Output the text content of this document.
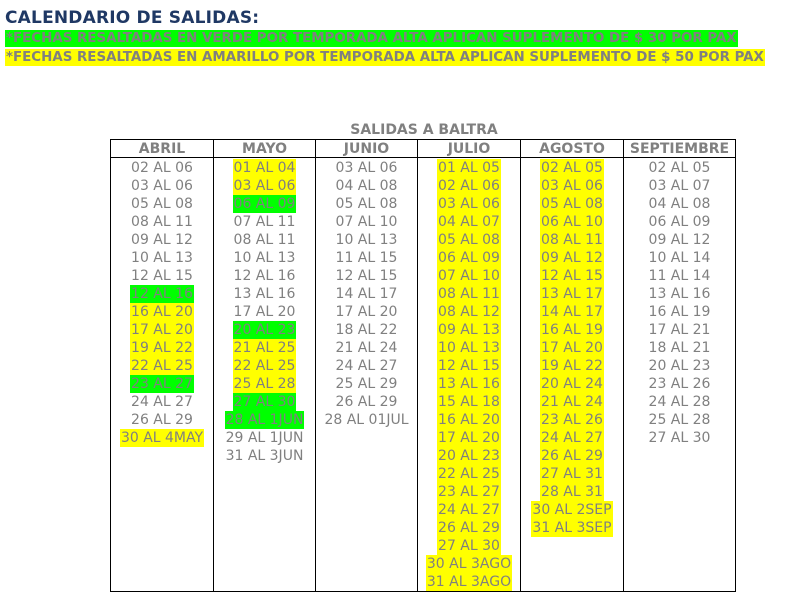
CALENDARIO DE SALIDAS:
*FECHAS RESALTADAS EN VERDE POR TEMPORADA ALTA APLICAN SUPLEMENTO DE $ 30 POR PAX
*FECHAS RESALTADAS EN AMARILLO POR TEMPORADA ALTA APLICAN SUPLEMENTO DE $ 50 POR PAX
SALIDAS A BALTRA
ABRIL
02 AL 06
03 AL 06
05 AL 08
08 AL 11
09 AL 12
10 AL 13
12 AL 15
12 AL 16
16 AL 20
17 AL 20
19 AL 22
22 AL 25
23 AL 27
24 AL 27
26 AL 29
30 AL 4MAY
MAYO
01 AL 04
03 AL 06
06 AL 09
07 AL 11
08 AL 11
10 AL 13
12 AL 16
13 AL 16
17 AL 20
20 AL 23
21 AL 25
22 AL 25
25 AL 28
27 AL 30
28 AL 1JUN
29 AL 1JUN
31 AL 3JUN
JUNIO
03 AL 06
04 AL 08
05 AL 08
07 AL 10
10 AL 13
11 AL 15
12 AL 15
14 AL 17
17 AL 20
18 AL 22
21 AL 24
24 AL 27
25 AL 29
26 AL 29
28 AL 01JUL
JULIO
01 AL 05
02 AL 06
03 AL 06
04 AL 07
05 AL 08
06 AL 09
07 AL 10
08 AL 11
08 AL 12
09 AL 13
10 AL 13
12 AL 15
13 AL 16
15 AL 18
16 AL 20
17 AL 20
20 AL 23
22 AL 25
23 AL 27
24 AL 27
26 AL 29
27 AL 30
30 AL 3AGO
31 AL 3AGO
AGOSTO
02 AL 05
03 AL 06
05 AL 08
06 AL 10
08 AL 11
09 AL 12
12 AL 15
13 AL 17
14 AL 17
16 AL 19
17 AL 20
19 AL 22
20 AL 24
21 AL 24
23 AL 26
24 AL 27
26 AL 29
27 AL 31
28 AL 31
30 AL 2SEP
31 AL 3SEP
SEPTIEMBRE
02 AL 05
03 AL 07
04 AL 08
06 AL 09
09 AL 12
10 AL 14
11 AL 14
13 AL 16
16 AL 19
17 AL 21
18 AL 21
20 AL 23
23 AL 26
24 AL 28
25 AL 28
27 AL 30
